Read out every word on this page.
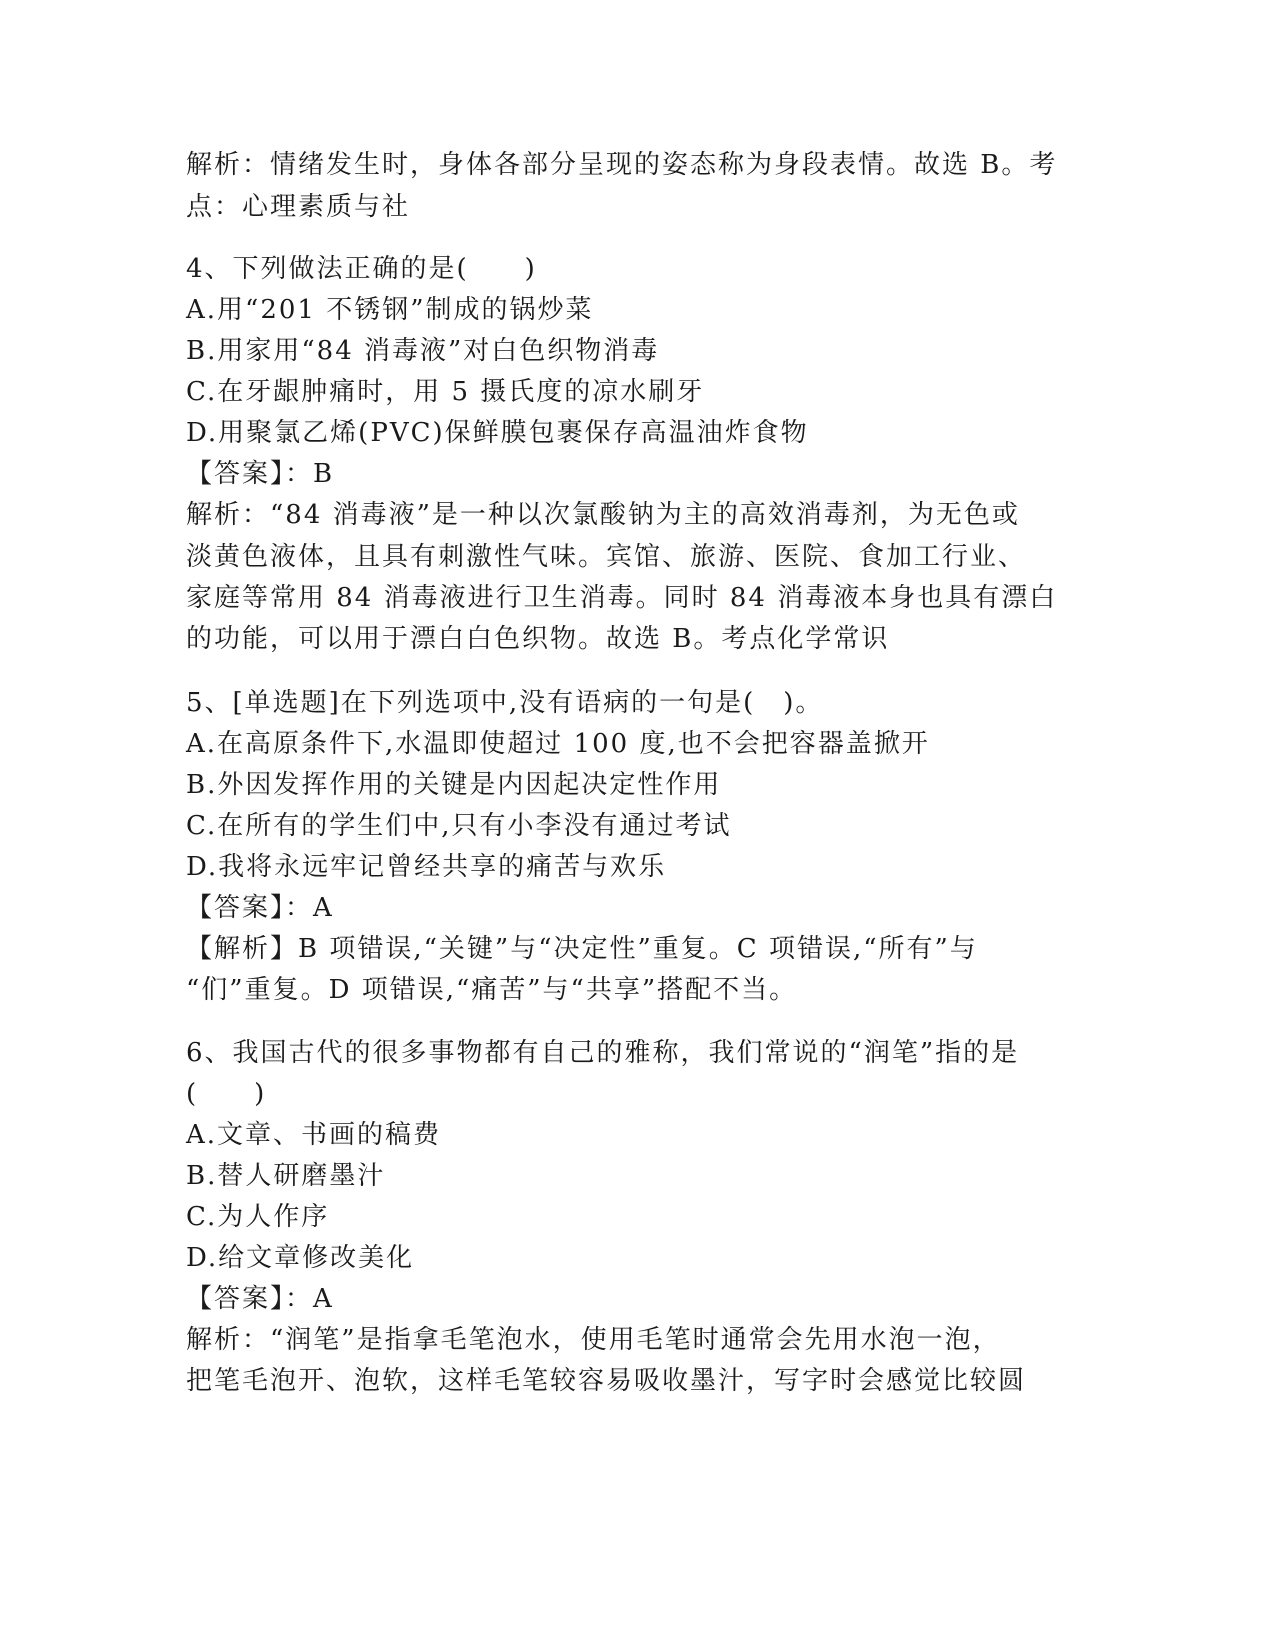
解析：情绪发生时，身体各部分呈现的姿态称为身段表情。故选 B。考
点：心理素质与社
4、下列做法正确的是(　　)
A.用“201 不锈钢”制成的锅炒菜
B.用家用“84 消毒液”对白色织物消毒
C.在牙龈肿痛时，用 5 摄氏度的凉水刷牙
D.用聚氯乙烯(PVC)保鲜膜包裹保存高温油炸食物
【答案】：B
解析：“84 消毒液”是一种以次氯酸钠为主的高效消毒剂，为无色或
淡黄色液体，且具有刺激性气味。宾馆、旅游、医院、食加工行业、
家庭等常用 84 消毒液进行卫生消毒。同时 84 消毒液本身也具有漂白
的功能，可以用于漂白白色织物。故选 B。考点化学常识
5、[单选题]在下列选项中,没有语病的一句是(　)。
A.在高原条件下,水温即使超过 100 度,也不会把容器盖掀开
B.外因发挥作用的关键是内因起决定性作用
C.在所有的学生们中,只有小李没有通过考试
D.我将永远牢记曾经共享的痛苦与欢乐
【答案】：A
【解析】B 项错误,“关键”与“决定性”重复。C 项错误,“所有”与
“们”重复。D 项错误,“痛苦”与“共享”搭配不当。
6、我国古代的很多事物都有自己的雅称，我们常说的“润笔”指的是
(　　)
A.文章、书画的稿费
B.替人研磨墨汁
C.为人作序
D.给文章修改美化
【答案】：A
解析：“润笔”是指拿毛笔泡水，使用毛笔时通常会先用水泡一泡，
把笔毛泡开、泡软，这样毛笔较容易吸收墨汁，写字时会感觉比较圆
